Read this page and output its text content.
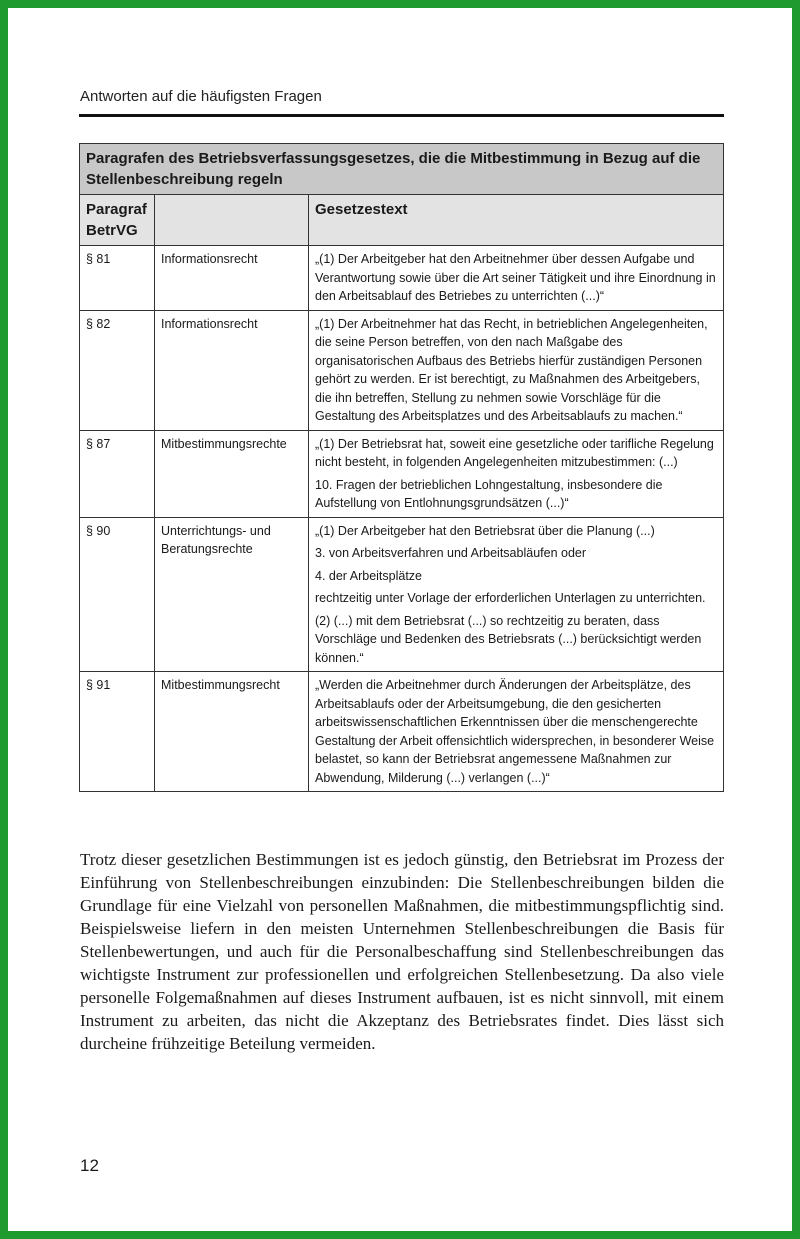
Antworten auf die häufigsten Fragen
Paragrafen des Betriebsverfassungsgesetzes, die die Mitbestimmung in Bezug auf die Stellenbeschreibung regeln		
Paragraf BetrVG		Gesetzestext
§ 81	Informationsrecht	„(1) Der Arbeitgeber hat den Arbeitnehmer über dessen Aufgabe und Verantwortung sowie über die Art seiner Tätigkeit und ihre Einordnung in den Arbeitsablauf des Betriebes zu unterrichten (...)“

§ 82	Informationsrecht	„(1) Der Arbeitnehmer hat das Recht, in betrieblichen Angelegenheiten, die seine Person betreffen, von den nach Maßgabe des organisatorischen Aufbaus des Betriebs hierfür zuständigen Personen gehört zu werden. Er ist berechtigt, zu Maßnahmen des Arbeitgebers, die ihn betreffen, Stellung zu nehmen sowie Vorschläge für die Gestaltung des Arbeitsplatzes und des Arbeitsablaufs zu machen.“

§ 87	Mitbestimmungsrechte	„(1) Der Betriebsrat hat, soweit eine gesetzliche oder tarifliche Regelung nicht besteht, in folgenden Angelegenheiten mitzubestimmen: (...)

10. Fragen der betrieblichen Lohngestaltung, insbesondere die Aufstellung von Entlohnungsgrundsätzen (...)“

§ 90	Unterrichtungs- und Beratungsrechte	„(1) Der Arbeitgeber hat den Betriebsrat über die Planung (...)

3. von Arbeitsverfahren und Arbeitsabläufen oder

4. der Arbeitsplätze

rechtzeitig unter Vorlage der erforderlichen Unterlagen zu unterrichten.

(2) (...) mit dem Betriebsrat (...) so rechtzeitig zu beraten, dass Vorschläge und Bedenken des Betriebsrats (...) berücksichtigt werden können.“

§ 91	Mitbestimmungsrecht	„Werden die Arbeitnehmer durch Änderungen der Arbeitsplätze, des Arbeitsablaufs oder der Arbeitsumgebung, die den gesicherten arbeitswissenschaftlichen Erkenntnissen über die menschengerechte Gestaltung der Arbeit offensichtlich widersprechen, in besonderer Weise belastet, so kann der Betriebsrat angemessene Maßnahmen zur Abwendung, Milderung (...) verlangen (...)“

Trotz dieser gesetzlichen Bestimmungen ist es jedoch günstig, den Betriebsrat im Prozess der Einführung von Stellenbeschreibungen einzubinden: Die Stellenbeschreibungen bilden die Grundlage für eine Vielzahl von personellen Maßnahmen, die mitbestimmungspflichtig sind. Beispielsweise liefern in den meisten Unternehmen Stellenbeschreibungen die Basis für Stellenbewertungen, und auch für die Personalbeschaffung sind Stellenbeschreibungen das wichtigste Instrument zur professionellen und erfolgreichen Stellenbesetzung. Da also viele personelle Folgemaßnahmen auf dieses Instrument aufbauen, ist es nicht sinnvoll, mit einem Instrument zu arbeiten, das nicht die Akzeptanz des Betriebsrates findet. Dies lässt sich durcheine frühzeitige Beteilung vermeiden.

12
